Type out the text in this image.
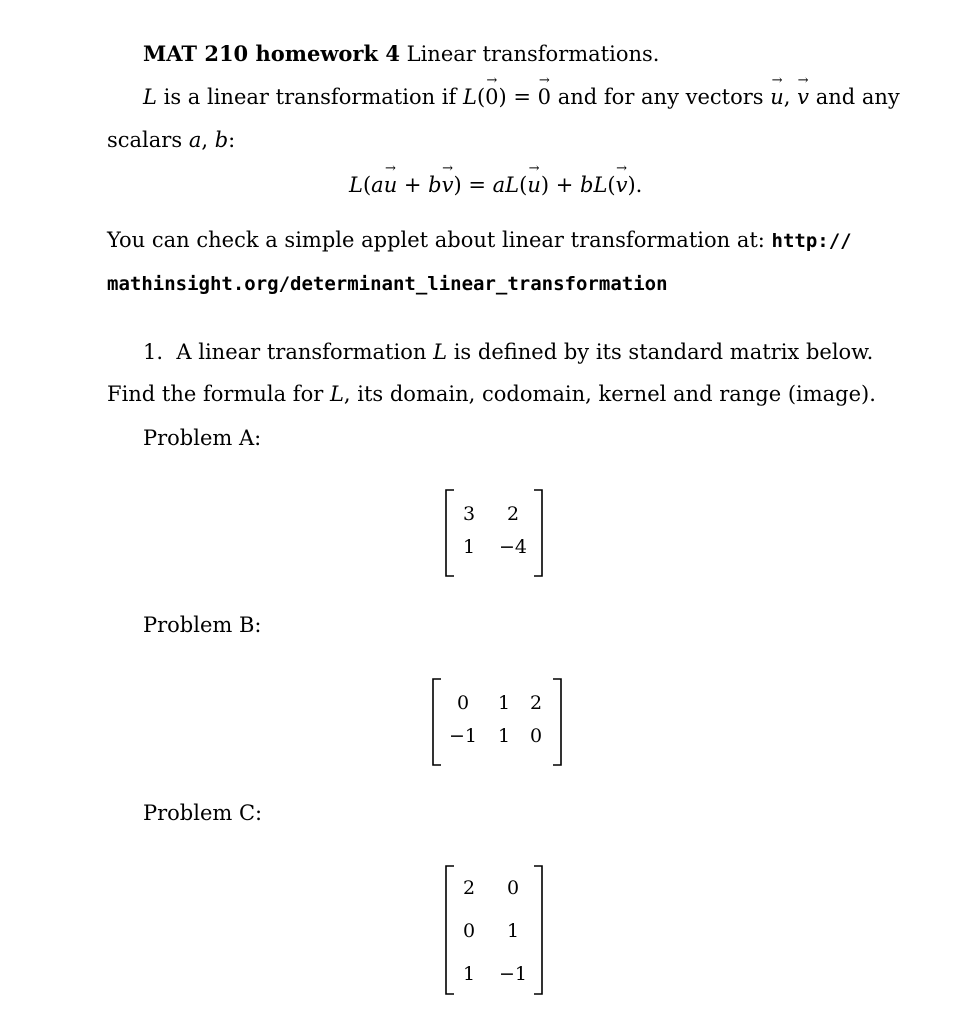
MAT 210 homework 4 Linear transformations.
L is a linear transformation if L(→ 0) = → 0 and for any vectors → u, → v and any
scalars a, b:
L(a→ u + b→ v) = aL(→ u) + bL(→ v).
You can check a simple applet about linear transformation at: http://
mathinsight.org/determinant_linear_transformation
1. A linear transformation L is defined by its standard matrix below.
Find the formula for L, its domain, codomain, kernel and range (image).
Problem A:
Problem B:
Problem C:
3	2
1 −4
0	1 2
−1 1 0
2	0
0	1
1 −1
